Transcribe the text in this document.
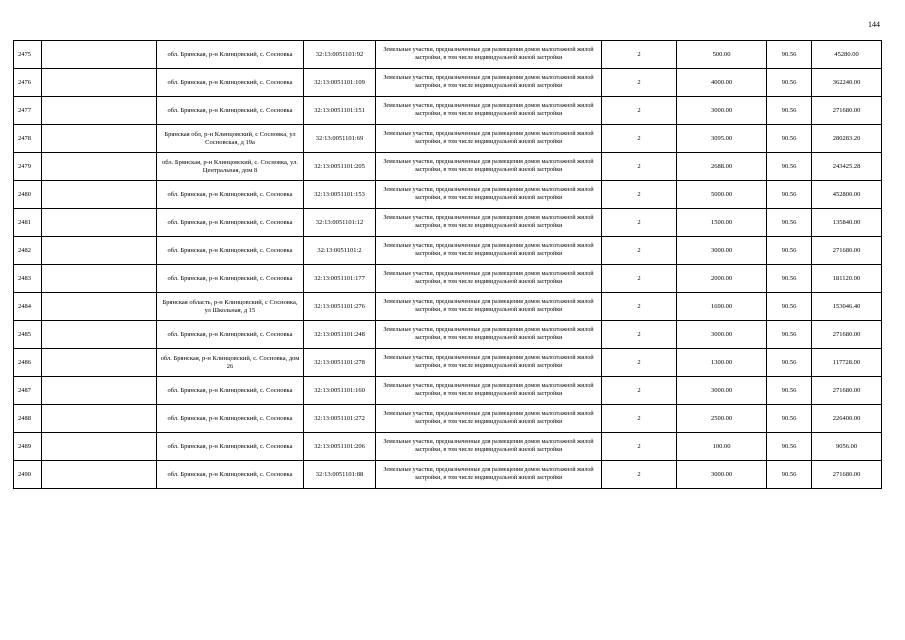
144
2475		обл. Брянская, р-н Клинцовский, с. Сосновка	32:13:0051101:92	Земельные участки, предназначенные для размещения домов малоэтажной жилой застройки, в том числе индивидуальной жилой застройки	2	500.00	90.56	45280.00
2476		обл. Брянская, р-н Клинцовский, с. Сосновка	32:13:0051101:109	Земельные участки, предназначенные для размещения домов малоэтажной жилой застройки, в том числе индивидуальной жилой застройки	2	4000.00	90.56	362240.00
2477		обл. Брянская, р-н Клинцовский, с. Сосновка	32:13:0051101:151	Земельные участки, предназначенные для размещения домов малоэтажной жилой застройки, в том числе индивидуальной жилой застройки	2	3000.00	90.56	271680.00
2478		Брянская обл, р-н Клинцовский, с Сосновка, ул Сосновская, д 19а	32:13:0051101:69	Земельные участки, предназначенные для размещения домов малоэтажной жилой застройки, в том числе индивидуальной жилой застройки	2	3095.00	90.56	280283.20
2479		обл. Брянская, р-н Клинцовский, с. Сосновка, ул. Центральная, дом 8	32:13:0051101:205	Земельные участки, предназначенные для размещения домов малоэтажной жилой застройки, в том числе индивидуальной жилой застройки	2	2688.00	90.56	243425.28
2480		обл. Брянская, р-н Клинцовский, с. Сосновка	32:13:0051101:153	Земельные участки, предназначенные для размещения домов малоэтажной жилой застройки, в том числе индивидуальной жилой застройки	2	5000.00	90.56	452800.00
2481		обл. Брянская, р-н Клинцовский, с. Сосновка	32:13:0051101:12	Земельные участки, предназначенные для размещения домов малоэтажной жилой застройки, в том числе индивидуальной жилой застройки	2	1500.00	90.56	135840.00
2482		обл. Брянская, р-н Клинцовский, с. Сосновка	32:13:0051101:2	Земельные участки, предназначенные для размещения домов малоэтажной жилой застройки, в том числе индивидуальной жилой застройки	2	3000.00	90.56	271680.00
2483		обл. Брянская, р-н Клинцовский, с. Сосновка	32:13:0051101:177	Земельные участки, предназначенные для размещения домов малоэтажной жилой застройки, в том числе индивидуальной жилой застройки	2	2000.00	90.56	181120.00
2484		Брянская область, р-н Клинцовский, с Сосновка, ул Школьная, д 15	32:13:0051101:276	Земельные участки, предназначенные для размещения домов малоэтажной жилой застройки, в том числе индивидуальной жилой застройки	2	1690.00	90.56	153046.40
2485		обл. Брянская, р-н Клинцовский, с. Сосновка	32:13:0051101:248	Земельные участки, предназначенные для размещения домов малоэтажной жилой застройки, в том числе индивидуальной жилой застройки	2	3000.00	90.56	271680.00
2486		обл. Брянская, р-н Клинцовский, с. Сосновка, дом 26	32:13:0051101:278	Земельные участки, предназначенные для размещения домов малоэтажной жилой застройки, в том числе индивидуальной жилой застройки	2	1300.00	90.56	117728.00
2487		обл. Брянская, р-н Клинцовский, с. Сосновка	32:13:0051101:160	Земельные участки, предназначенные для размещения домов малоэтажной жилой застройки, в том числе индивидуальной жилой застройки	2	3000.00	90.56	271680.00
2488		обл. Брянская, р-н Клинцовский, с. Сосновка	32:13:0051101:272	Земельные участки, предназначенные для размещения домов малоэтажной жилой застройки, в том числе индивидуальной жилой застройки	2	2500.00	90.56	226400.00
2489		обл. Брянская, р-н Клинцовский, с. Сосновка	32:13:0051101:206	Земельные участки, предназначенные для размещения домов малоэтажной жилой застройки, в том числе индивидуальной жилой застройки	2	100.00	90.56	9056.00
2490		обл. Брянская, р-н Клинцовский, с. Сосновка	32:13:0051101:88	Земельные участки, предназначенные для размещения домов малоэтажной жилой застройки, в том числе индивидуальной жилой застройки	2	3000.00	90.56	271680.00
